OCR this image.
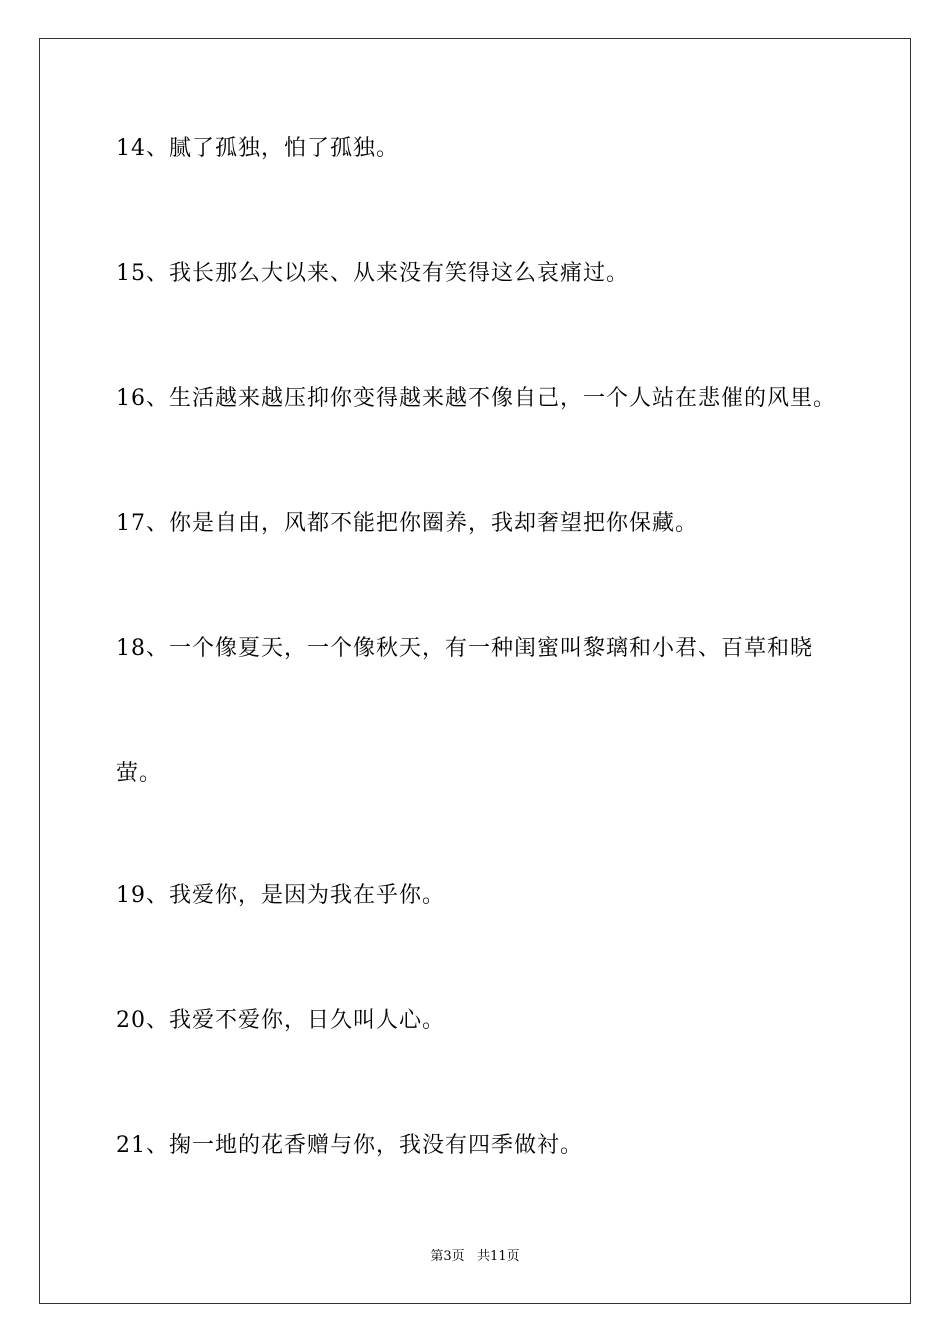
14、腻了孤独，怕了孤独。
15、我长那么大以来、从来没有笑得这么哀痛过。
16、生活越来越压抑你变得越来越不像自己，一个人站在悲催的风里。
17、你是自由，风都不能把你圈养，我却奢望把你保藏。
18、一个像夏天，一个像秋天，有一种闺蜜叫黎璃和小君、百草和晓
萤。
19、我爱你，是因为我在乎你。
20、我爱不爱你，日久叫人心。
21、掬一地的花香赠与你，我没有四季做衬。
第3页   共11页
